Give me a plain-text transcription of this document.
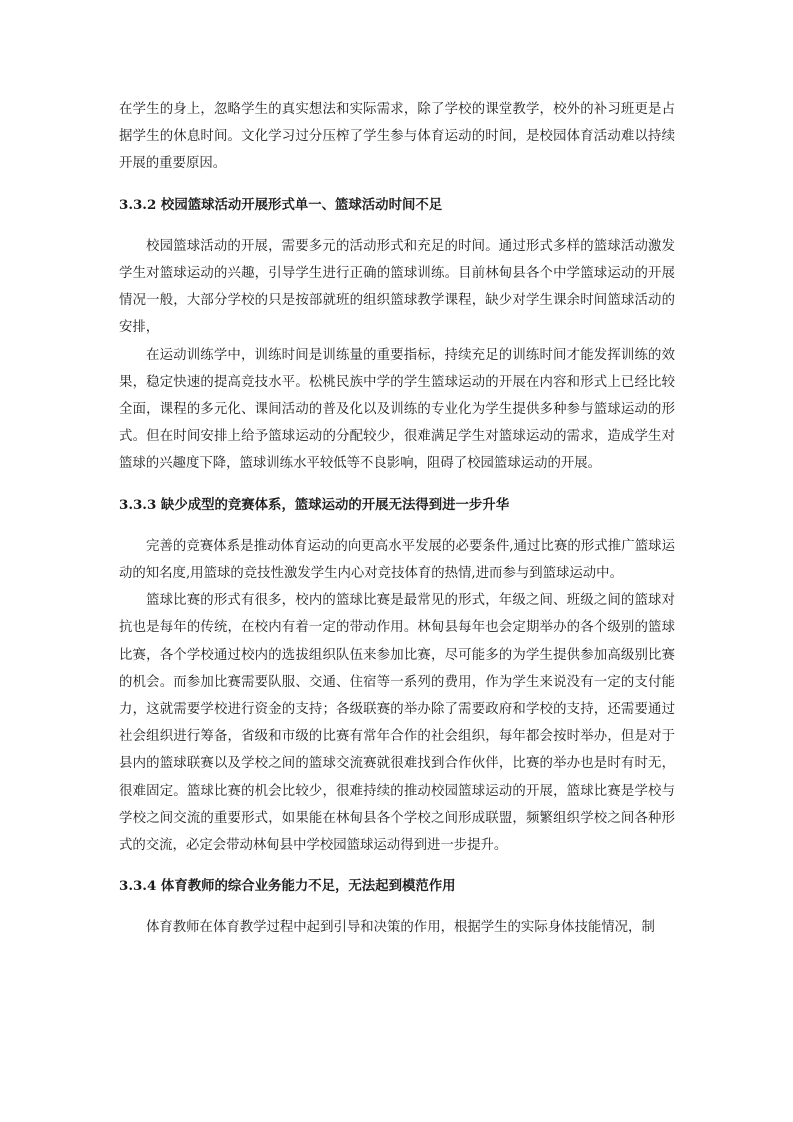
在学生的身上，忽略学生的真实想法和实际需求，除了学校的课堂教学，校外的补习班更是占据学生的休息时间。文化学习过分压榨了学生参与体育运动的时间，是校园体育活动难以持续开展的重要原因。

3.3.2 校园篮球活动开展形式单一、篮球活动时间不足

校园篮球活动的开展，需要多元的活动形式和充足的时间。通过形式多样的篮球活动激发学生对篮球运动的兴趣，引导学生进行正确的篮球训练。目前林甸县各个中学篮球运动的开展情况一般，大部分学校的只是按部就班的组织篮球教学课程，缺少对学生课余时间篮球活动的安排，

在运动训练学中，训练时间是训练量的重要指标，持续充足的训练时间才能发挥训练的效果，稳定快速的提高竞技水平。松桃民族中学的学生篮球运动的开展在内容和形式上已经比较全面，课程的多元化、课间活动的普及化以及训练的专业化为学生提供多种参与篮球运动的形式。但在时间安排上给予篮球运动的分配较少，很难满足学生对篮球运动的需求，造成学生对篮球的兴趣度下降，篮球训练水平较低等不良影响，阻碍了校园篮球运动的开展。

3.3.3 缺少成型的竞赛体系，篮球运动的开展无法得到进一步升华

完善的竞赛体系是推动体育运动的向更高水平发展的必要条件,通过比赛的形式推广篮球运动的知名度,用篮球的竞技性激发学生内心对竞技体育的热情,进而参与到篮球运动中。

篮球比赛的形式有很多，校内的篮球比赛是最常见的形式，年级之间、班级之间的篮球对抗也是每年的传统，在校内有着一定的带动作用。林甸县每年也会定期举办的各个级别的篮球比赛，各个学校通过校内的选拔组织队伍来参加比赛，尽可能多的为学生提供参加高级别比赛的机会。而参加比赛需要队服、交通、住宿等一系列的费用，作为学生来说没有一定的支付能力，这就需要学校进行资金的支持；各级联赛的举办除了需要政府和学校的支持，还需要通过社会组织进行筹备，省级和市级的比赛有常年合作的社会组织，每年都会按时举办，但是对于县内的篮球联赛以及学校之间的篮球交流赛就很难找到合作伙伴，比赛的举办也是时有时无，很难固定。篮球比赛的机会比较少，很难持续的推动校园篮球运动的开展，篮球比赛是学校与学校之间交流的重要形式，如果能在林甸县各个学校之间形成联盟，频繁组织学校之间各种形式的交流，必定会带动林甸县中学校园篮球运动得到进一步提升。

3.3.4 体育教师的综合业务能力不足，无法起到模范作用

体育教师在体育教学过程中起到引导和决策的作用，根据学生的实际身体技能情况，制
